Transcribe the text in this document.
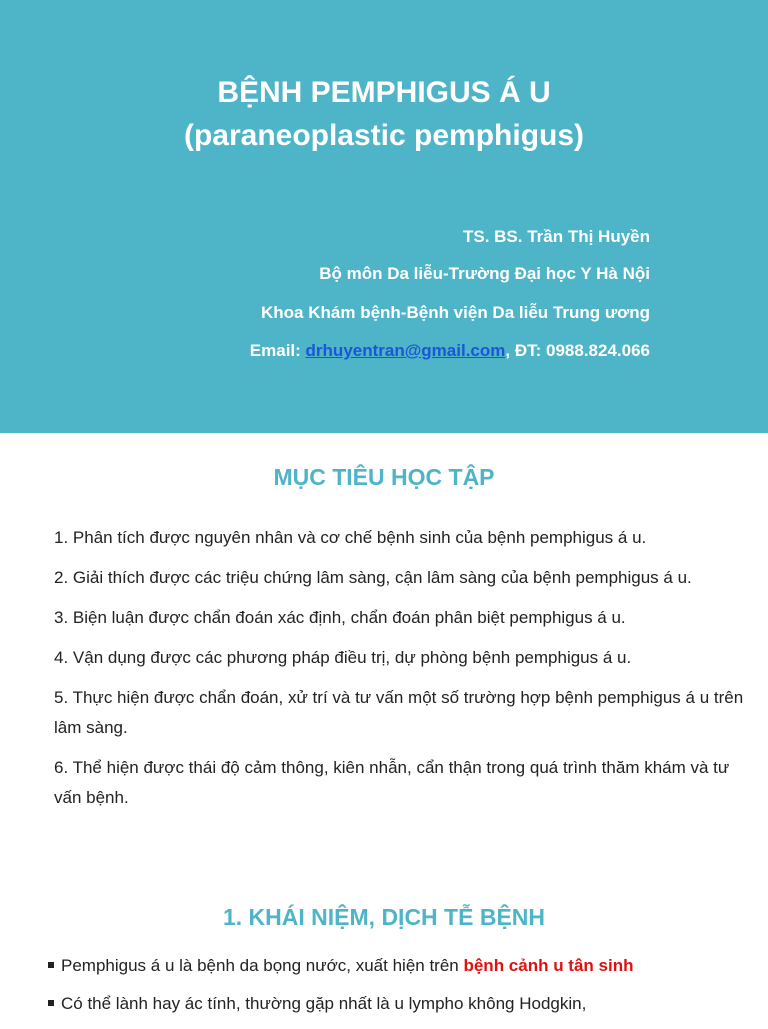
BỆNH PEMPHIGUS Á U
(paraneoplastic pemphigus)
TS. BS. Trần Thị Huyền
Bộ môn Da liễu-Trường Đại học Y Hà Nội
Khoa Khám bệnh-Bệnh viện Da liễu Trung ương
Email: drhuyentran@gmail.com, ĐT: 0988.824.066
MỤC TIÊU HỌC TẬP
1. Phân tích được nguyên nhân và cơ chế bệnh sinh của bệnh pemphigus á u.
2. Giải thích được các triệu chứng lâm sàng, cận lâm sàng của bệnh pemphigus á u.
3. Biện luận được chẩn đoán xác định, chẩn đoán phân biệt pemphigus á u.
4. Vận dụng được các phương pháp điều trị, dự phòng bệnh pemphigus á u.
5. Thực hiện được chẩn đoán, xử trí và tư vấn một số trường hợp bệnh pemphigus á u trên lâm sàng.
6. Thể hiện được thái độ cảm thông, kiên nhẫn, cẩn thận trong quá trình thăm khám và tư vấn bệnh.
1. KHÁI NIỆM, DỊCH TỄ BỆNH
Pemphigus á u là bệnh da bọng nước, xuất hiện trên bệnh cảnh u tân sinh
Có thể lành hay ác tính, thường gặp nhất là u lympho không Hodgkin,
